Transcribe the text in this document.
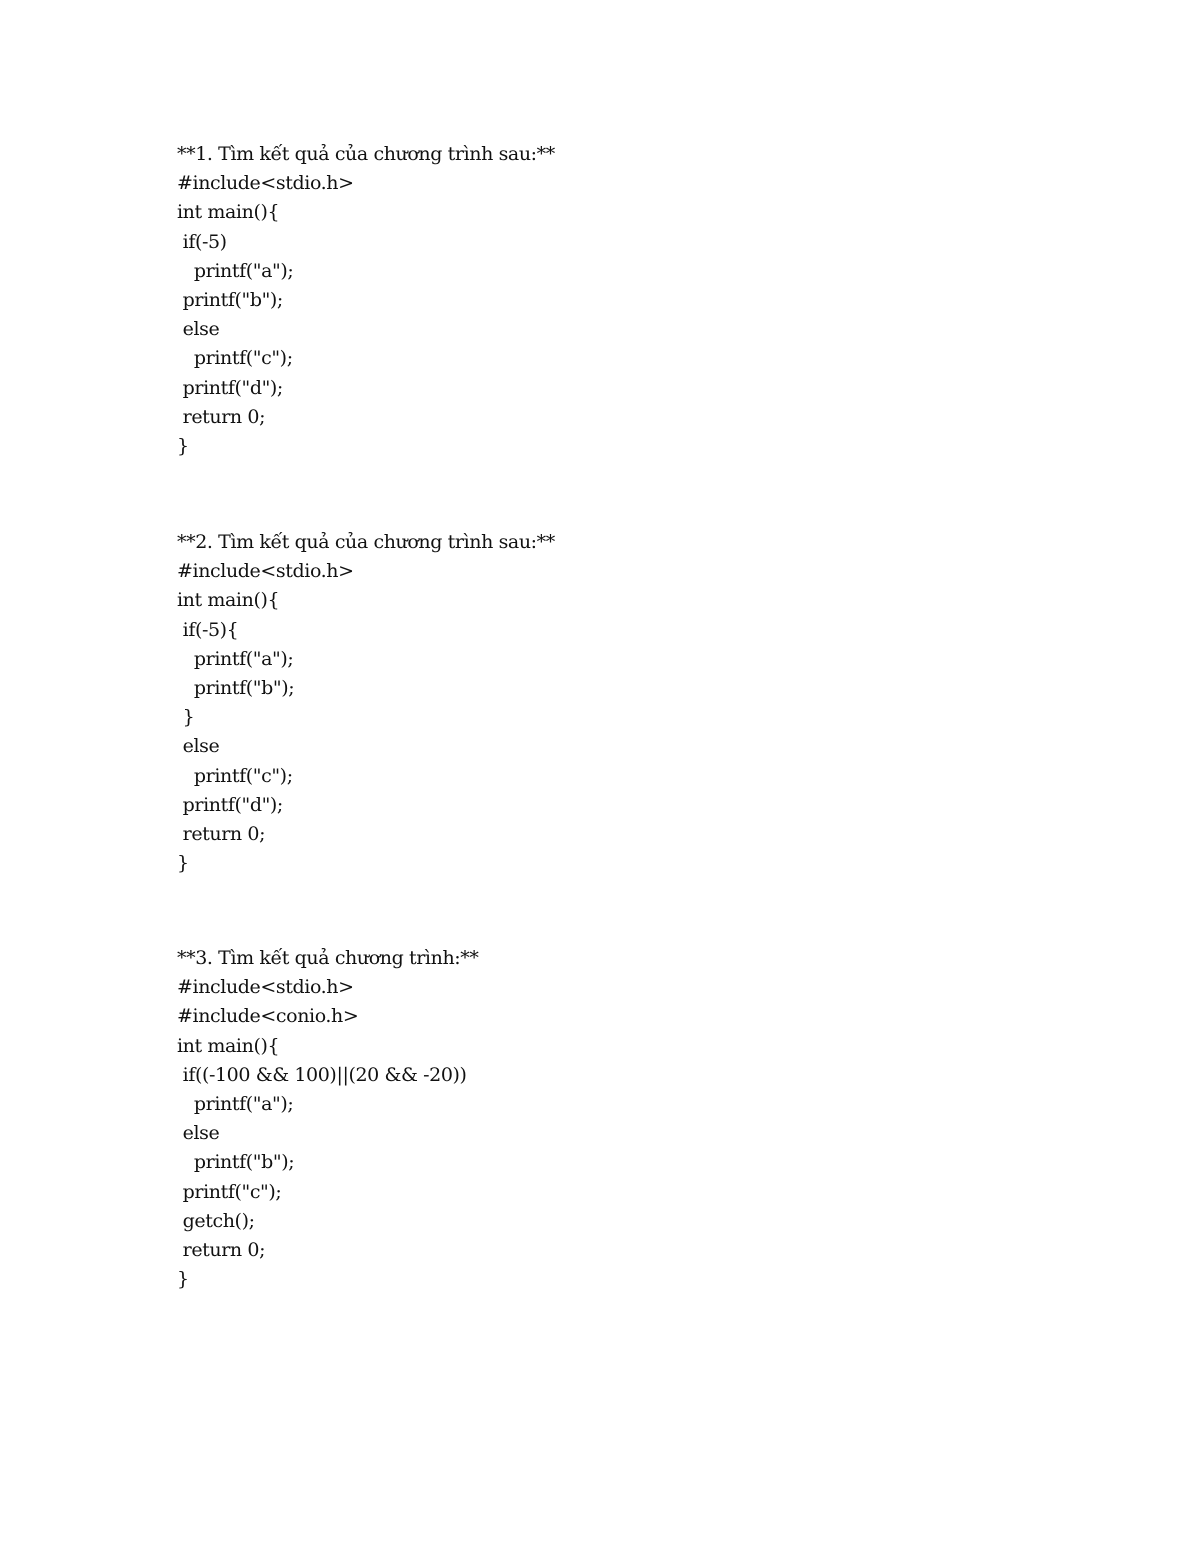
**1. Tìm kết quả của chương trình sau:**
#include<stdio.h>
int main(){
if(-5)
printf("a");
printf("b");
else
printf("c");
printf("d");
return 0;
}
**2. Tìm kết quả của chương trình sau:**
#include<stdio.h>
int main(){
if(-5){
printf("a");
printf("b");
}
else
printf("c");
printf("d");
return 0;
}
**3. Tìm kết quả chương trình:**
#include<stdio.h>
#include<conio.h>
int main(){
if((-100 && 100)||(20 && -20))
printf("a");
else
printf("b");
printf("c");
getch();
return 0;
}
